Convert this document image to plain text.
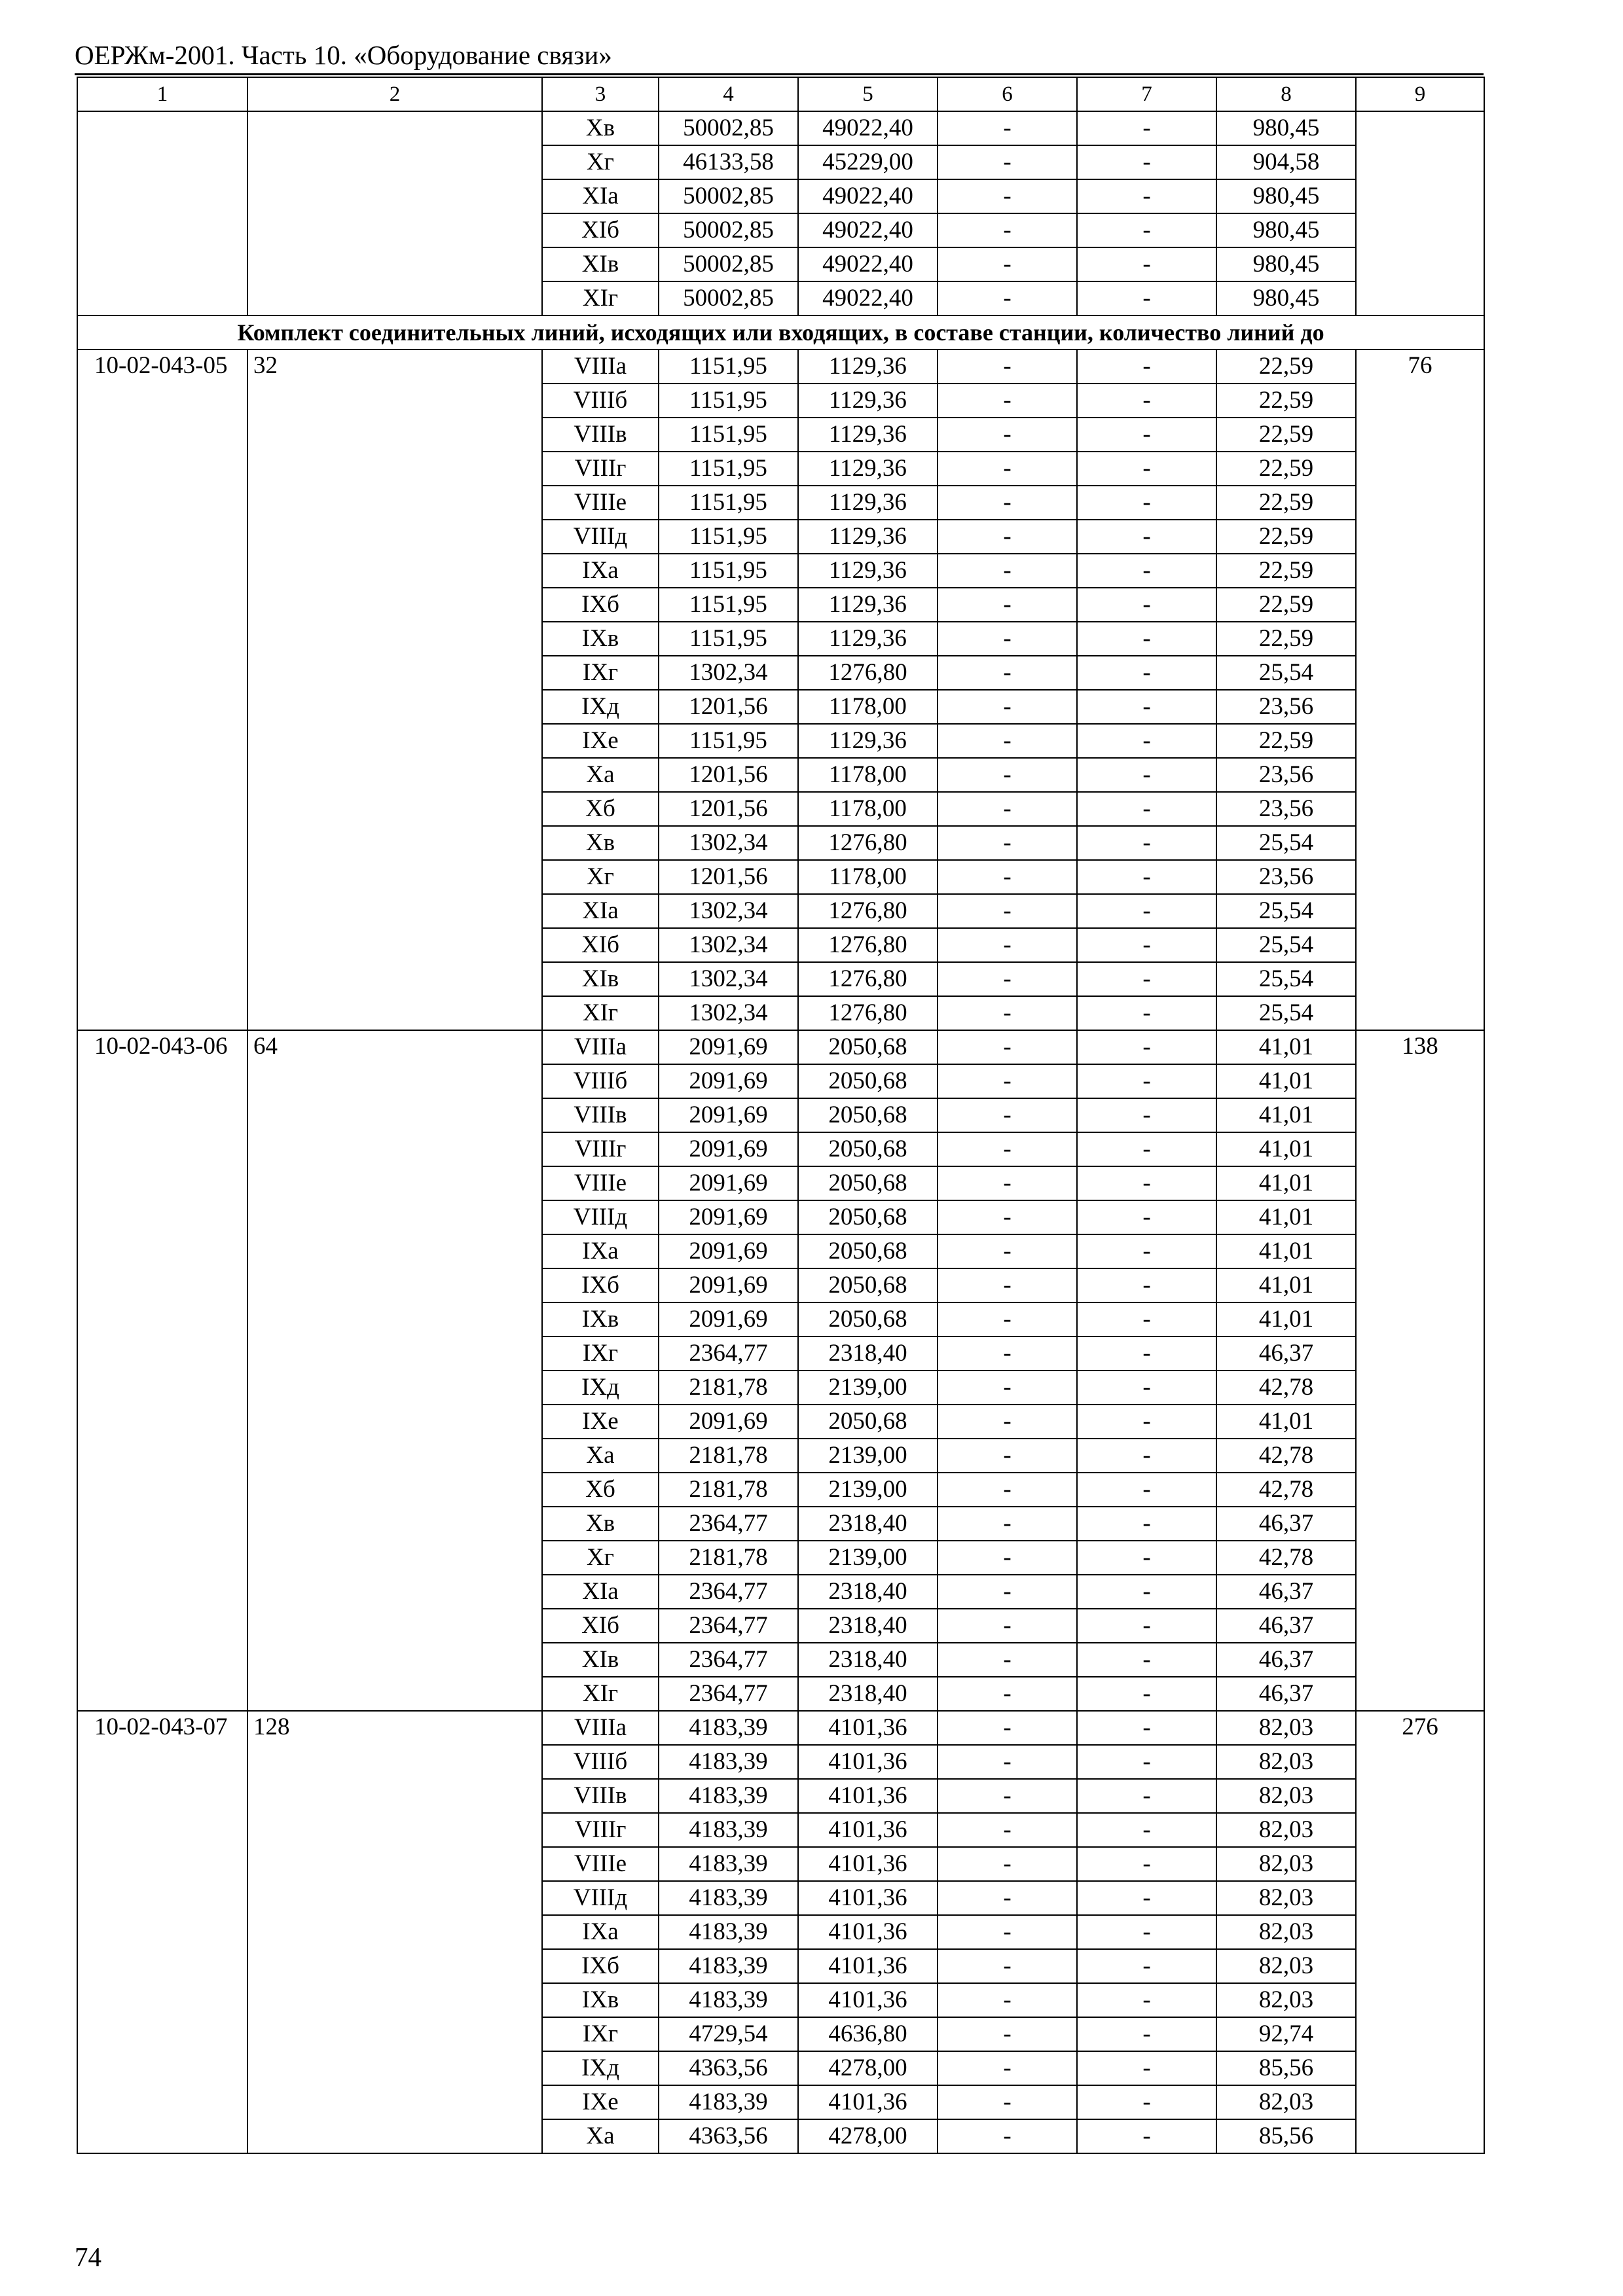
ОЕРЖм-2001. Часть 10. «Оборудование связи»
1	2	3	4	5	6	7	8	9
		Xв	50002,85	49022,40	-	-	980,45	
		Xг	46133,58	45229,00	-	-	904,58	
		XIа	50002,85	49022,40	-	-	980,45	
		XIб	50002,85	49022,40	-	-	980,45	
		XIв	50002,85	49022,40	-	-	980,45	
		XIг	50002,85	49022,40	-	-	980,45	
Комплект соединительных линий, исходящих или входящих, в составе станции, количество линий до								
10-02-043-05	32	VIIIа	1151,95	1129,36	-	-	22,59	76
		VIIIб	1151,95	1129,36	-	-	22,59	
		VIIIв	1151,95	1129,36	-	-	22,59	
		VIIIг	1151,95	1129,36	-	-	22,59	
		VIIIе	1151,95	1129,36	-	-	22,59	
		VIIIд	1151,95	1129,36	-	-	22,59	
		IXа	1151,95	1129,36	-	-	22,59	
		IXб	1151,95	1129,36	-	-	22,59	
		IXв	1151,95	1129,36	-	-	22,59	
		IXг	1302,34	1276,80	-	-	25,54	
		IXд	1201,56	1178,00	-	-	23,56	
		IXе	1151,95	1129,36	-	-	22,59	
		Xа	1201,56	1178,00	-	-	23,56	
		Xб	1201,56	1178,00	-	-	23,56	
		Xв	1302,34	1276,80	-	-	25,54	
		Xг	1201,56	1178,00	-	-	23,56	
		XIа	1302,34	1276,80	-	-	25,54	
		XIб	1302,34	1276,80	-	-	25,54	
		XIв	1302,34	1276,80	-	-	25,54	
		XIг	1302,34	1276,80	-	-	25,54	
10-02-043-06	64	VIIIа	2091,69	2050,68	-	-	41,01	138
		VIIIб	2091,69	2050,68	-	-	41,01	
		VIIIв	2091,69	2050,68	-	-	41,01	
		VIIIг	2091,69	2050,68	-	-	41,01	
		VIIIе	2091,69	2050,68	-	-	41,01	
		VIIIд	2091,69	2050,68	-	-	41,01	
		IXа	2091,69	2050,68	-	-	41,01	
		IXб	2091,69	2050,68	-	-	41,01	
		IXв	2091,69	2050,68	-	-	41,01	
		IXг	2364,77	2318,40	-	-	46,37	
		IXд	2181,78	2139,00	-	-	42,78	
		IXе	2091,69	2050,68	-	-	41,01	
		Xа	2181,78	2139,00	-	-	42,78	
		Xб	2181,78	2139,00	-	-	42,78	
		Xв	2364,77	2318,40	-	-	46,37	
		Xг	2181,78	2139,00	-	-	42,78	
		XIа	2364,77	2318,40	-	-	46,37	
		XIб	2364,77	2318,40	-	-	46,37	
		XIв	2364,77	2318,40	-	-	46,37	
		XIг	2364,77	2318,40	-	-	46,37	
10-02-043-07	128	VIIIа	4183,39	4101,36	-	-	82,03	276
		VIIIб	4183,39	4101,36	-	-	82,03	
		VIIIв	4183,39	4101,36	-	-	82,03	
		VIIIг	4183,39	4101,36	-	-	82,03	
		VIIIе	4183,39	4101,36	-	-	82,03	
		VIIIд	4183,39	4101,36	-	-	82,03	
		IXа	4183,39	4101,36	-	-	82,03	
		IXб	4183,39	4101,36	-	-	82,03	
		IXв	4183,39	4101,36	-	-	82,03	
		IXг	4729,54	4636,80	-	-	92,74	
		IXд	4363,56	4278,00	-	-	85,56	
		IXе	4183,39	4101,36	-	-	82,03	
		Xа	4363,56	4278,00	-	-	85,56	
74
